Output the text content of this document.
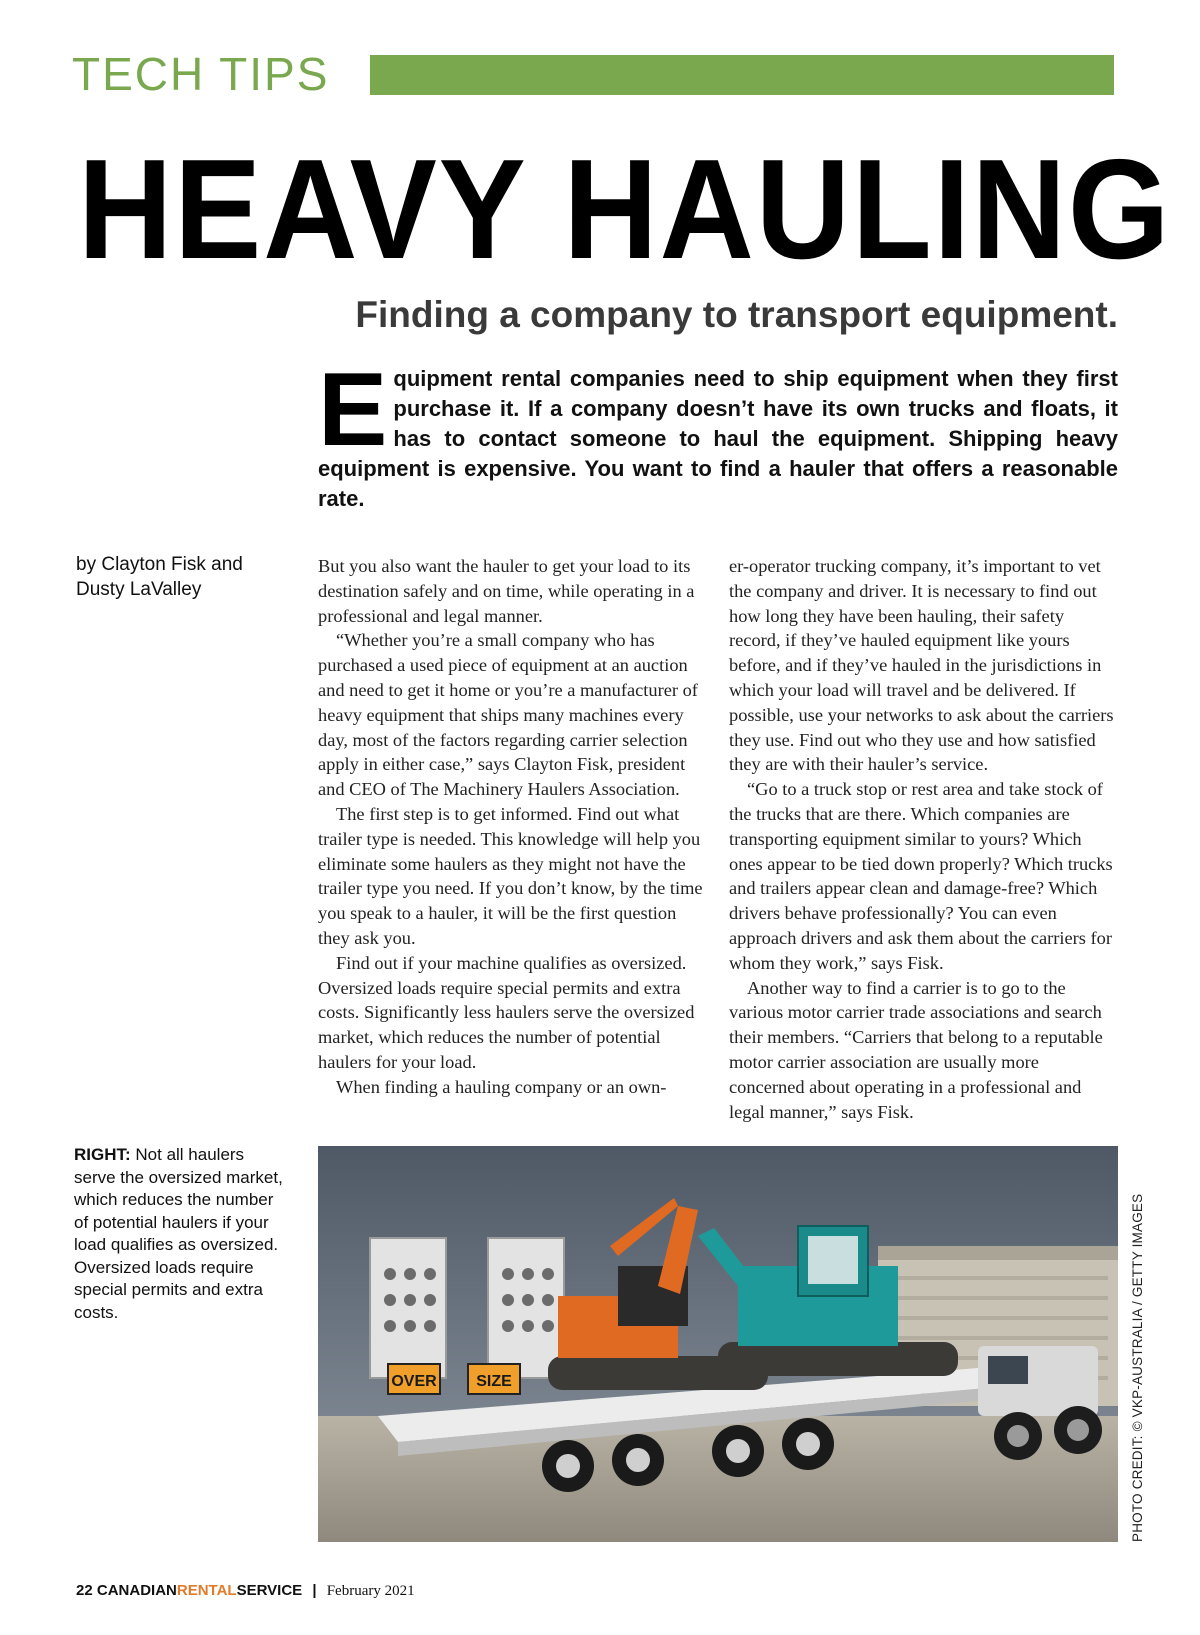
TECH TIPS
HEAVY HAULING
Finding a company to transport equipment.
Equipment rental companies need to ship equipment when they first purchase it. If a company doesn’t have its own trucks and floats, it has to contact someone to haul the equipment. Shipping heavy equipment is expensive. You want to find a hauler that offers a reasonable rate.
by Clayton Fisk and
Dusty LaValley

But you also want the hauler to get your load to its destination safely and on time, while operating in a professional and legal manner.

“Whether you’re a small company who has purchased a used piece of equipment at an auction and need to get it home or you’re a manufacturer of heavy equipment that ships many machines every day, most of the factors regarding carrier selection apply in either case,” says Clayton Fisk, president and CEO of The Machinery Haulers Association.

The first step is to get informed. Find out what trailer type is needed. This knowledge will help you eliminate some haulers as they might not have the trailer type you need. If you don’t know, by the time you speak to a hauler, it will be the first question they ask you.

Find out if your machine qualifies as oversized. Oversized loads require special permits and extra costs. Significantly less haulers serve the oversized market, which reduces the number of potential haulers for your load.

When finding a hauling company or an own-

er-operator trucking company, it’s important to vet the company and driver. It is necessary to find out how long they have been hauling, their safety record, if they’ve hauled equipment like yours before, and if they’ve hauled in the jurisdictions in which your load will travel and be delivered. If possible, use your networks to ask about the carriers they use. Find out who they use and how satisfied they are with their hauler’s service.

“Go to a truck stop or rest area and take stock of the trucks that are there. Which companies are transporting equipment similar to yours? Which ones appear to be tied down properly? Which trucks and trailers appear clean and damage-free? Which drivers behave professionally? You can even approach drivers and ask them about the carriers for whom they work,” says Fisk.

Another way to find a carrier is to go to the various motor carrier trade associations and search their members. “Carriers that belong to a reputable motor carrier association are usually more concerned about operating in a professional and legal manner,” says Fisk.

RIGHT: Not all haulers serve the oversized market, which reduces the number of potential haulers if your load qualifies as oversized. Oversized loads require special permits and extra costs.
OVER SIZE	PHOTO CREDIT: © VKP-AUSTRALIA / GETTY IMAGES
22 CANADIANRENTALSERVICE | February 2021
